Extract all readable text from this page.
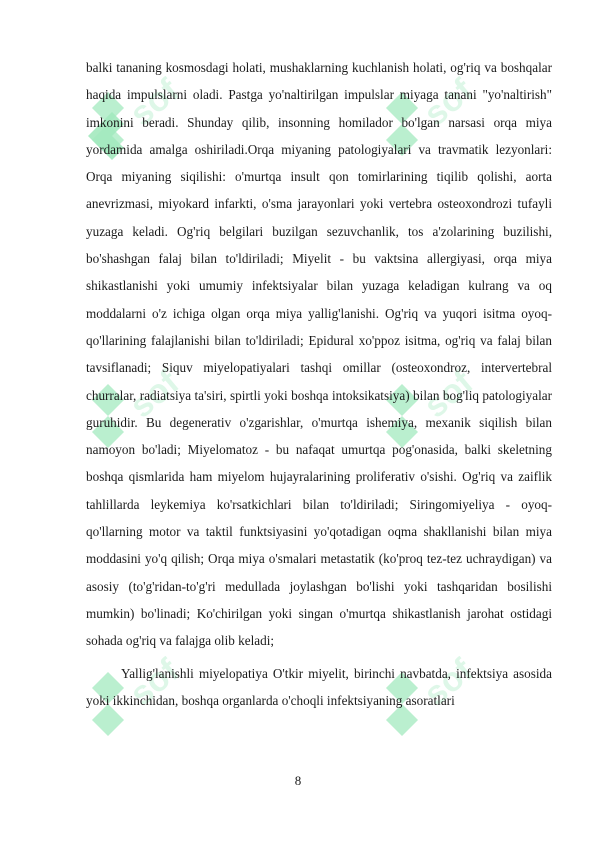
sof	sof
sof	sof
sof	sof

balki tananing kosmosdagi holati, mushaklarning kuchlanish holati, og'riq va boshqalar haqida impulslarni oladi. Pastga yo'naltirilgan impulslar miyaga tanani "yo'naltirish" imkonini beradi. Shunday qilib, insonning homilador bo'lgan narsasi orqa miya yordamida amalga oshiriladi.Orqa miyaning patologiyalari va travmatik lezyonlari: Orqa miyaning siqilishi: o'murtqa insult qon tomirlarining tiqilib qolishi, aorta anevrizmasi, miyokard infarkti, o'sma jarayonlari yoki vertebra osteoxondrozi tufayli yuzaga keladi. Og'riq belgilari buzilgan sezuvchanlik, tos a'zolarining buzilishi, bo'shashgan falaj bilan to'ldiriladi; Miyelit - bu vaktsina allergiyasi, orqa miya shikastlanishi yoki umumiy infektsiyalar bilan yuzaga keladigan kulrang va oq moddalarni o'z ichiga olgan orqa miya yallig'lanishi. Og'riq va yuqori isitma oyoq-qo'llarining falajlanishi bilan to'ldiriladi; Epidural xo'ppoz isitma, og'riq va falaj bilan tavsiflanadi; Siquv miyelopatiyalari tashqi omillar (osteoxondroz, intervertebral churralar, radiatsiya ta'siri, spirtli yoki boshqa intoksikatsiya) bilan bog'liq patologiyalar guruhidir. Bu degenerativ o'zgarishlar, o'murtqa ishemiya, mexanik siqilish bilan namoyon bo'ladi; Miyelomatoz - bu nafaqat umurtqa pog'onasida, balki skeletning boshqa qismlarida ham miyelom hujayralarining proliferativ o'sishi. Og'riq va zaiflik tahlillarda leykemiya ko'rsatkichlari bilan to'ldiriladi; Siringomiyeliya - oyoq-qo'llarning motor va taktil funktsiyasini yo'qotadigan oqma shakllanishi bilan miya moddasini yo'q qilish; Orqa miya o'smalari metastatik (ko'proq tez-tez uchraydigan) va asosiy (to'g'ridan-to'g'ri medullada joylashgan bo'lishi yoki tashqaridan bosilishi mumkin) bo'linadi; Ko'chirilgan yoki singan o'murtqa shikastlanish jarohat ostidagi sohada og'riq va falajga olib keladi;

Yallig'lanishli miyelopatiya O'tkir miyelit, birinchi navbatda, infektsiya asosida yoki ikkinchidan, boshqa organlarda o'choqli infektsiyaning asoratlari

8
